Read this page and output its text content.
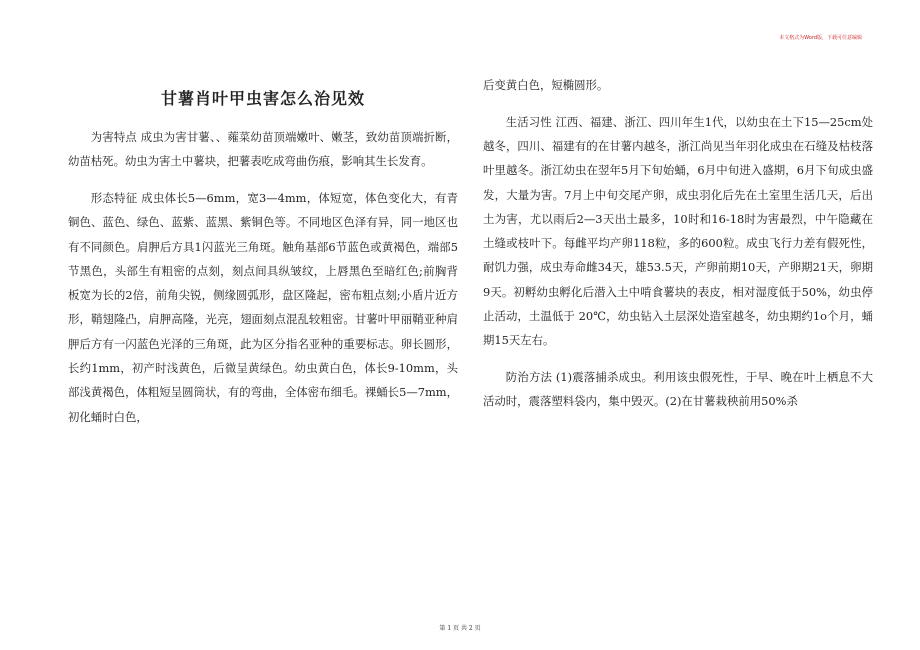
本文格式为Word版，下载可任意编辑
甘薯肖叶甲虫害怎么治见效

为害特点 成虫为害甘薯、、蕹菜幼苗顶端嫩叶、嫩茎，致幼苗顶端折断，幼苗枯死。幼虫为害土中薯块，把薯表吃成弯曲伤痕，影响其生长发育。

形态特征 成虫体长5—6mm，宽3—4mm，体短宽，体色变化大，有青铜色、蓝色、绿色、蓝紫、蓝黑、紫铜色等。不同地区色泽有异，同一地区也有不同颜色。肩胛后方具1闪蓝光三角斑。触角基部6节蓝色或黄褐色，端部5节黑色，头部生有粗密的点刻，刻点间具纵皱纹，上唇黑色至暗红色;前胸背板宽为长的2倍，前角尖锐，侧缘圆弧形，盘区隆起，密布粗点刻;小盾片近方形，鞘翅隆凸，肩胛高隆，光亮，翅面刻点混乱较粗密。甘薯叶甲丽鞘亚种肩胛后方有一闪蓝色光泽的三角斑，此为区分指名亚种的重要标志。卵长圆形，长约1mm，初产时浅黄色，后微呈黄绿色。幼虫黄白色，体长9-10mm，头部浅黄褐色，体粗短呈圆筒状，有的弯曲，全体密布细毛。裸蛹长5—7mm，初化蛹时白色，

后变黄白色，短椭圆形。

生活习性 江西、福建、浙江、四川年生1代，以幼虫在土下15—25cm处越冬，四川、福建有的在甘薯内越冬，浙江尚见当年羽化成虫在石缝及枯枝落叶里越冬。浙江幼虫在翌年5月下旬始蛹，6月中旬进入盛期，6月下旬成虫盛发，大量为害。7月上中旬交尾产卵，成虫羽化后先在土室里生活几天，后出土为害，尤以雨后2—3天出土最多，10时和16-18时为害最烈，中午隐藏在土缝或枝叶下。每雌平均产卵118粒，多的600粒。成虫飞行力差有假死性，耐饥力强，成虫寿命雌34天，雄53.5天，产卵前期10天，产卵期21天，卵期9天。初孵幼虫孵化后潜入土中啃食薯块的表皮，相对湿度低于50%，幼虫停止活动，土温低于 20℃，幼虫钻入土层深处造室越冬，幼虫期约1o个月，蛹期15天左右。

防治方法 (1)震落捕杀成虫。利用该虫假死性，于早、晚在叶上栖息不大活动时，震落塑料袋内，集中毁灭。(2)在甘薯栽秧前用50%杀

第 1 页 共 2 页
